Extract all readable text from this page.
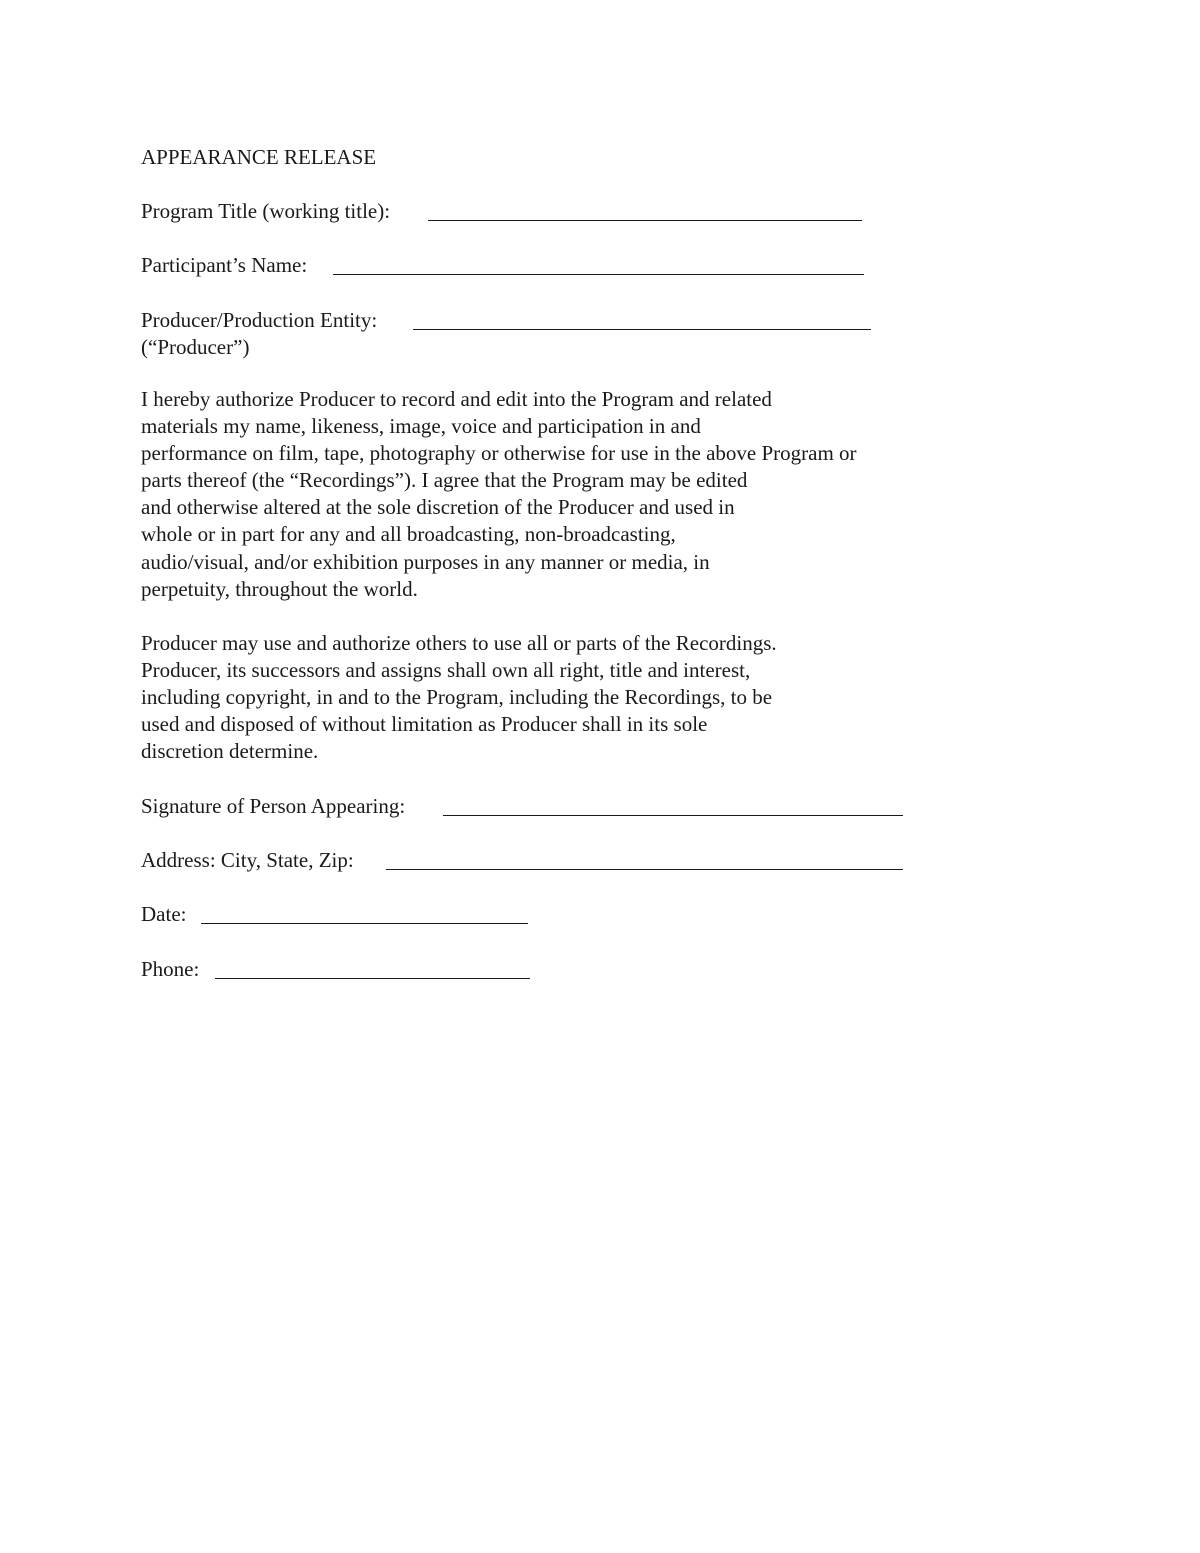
APPEARANCE RELEASE
Program Title (working title):
Participant’s Name:
Producer/Production Entity:
(“Producer”)
I hereby authorize Producer to record and edit into the Program and related
materials my name, likeness, image, voice and participation in and
performance on film, tape, photography or otherwise for use in the above Program or
parts thereof (the “Recordings”). I agree that the Program may be edited
and otherwise altered at the sole discretion of the Producer and used in
whole or in part for any and all broadcasting, non-broadcasting,
audio/visual, and/or exhibition purposes in any manner or media, in
perpetuity, throughout the world.
Producer may use and authorize others to use all or parts of the Recordings.
Producer, its successors and assigns shall own all right, title and interest,
including copyright, in and to the Program, including the Recordings, to be
used and disposed of without limitation as Producer shall in its sole
discretion determine.
Signature of Person Appearing:
Address: City, State, Zip:
Date:
Phone:
